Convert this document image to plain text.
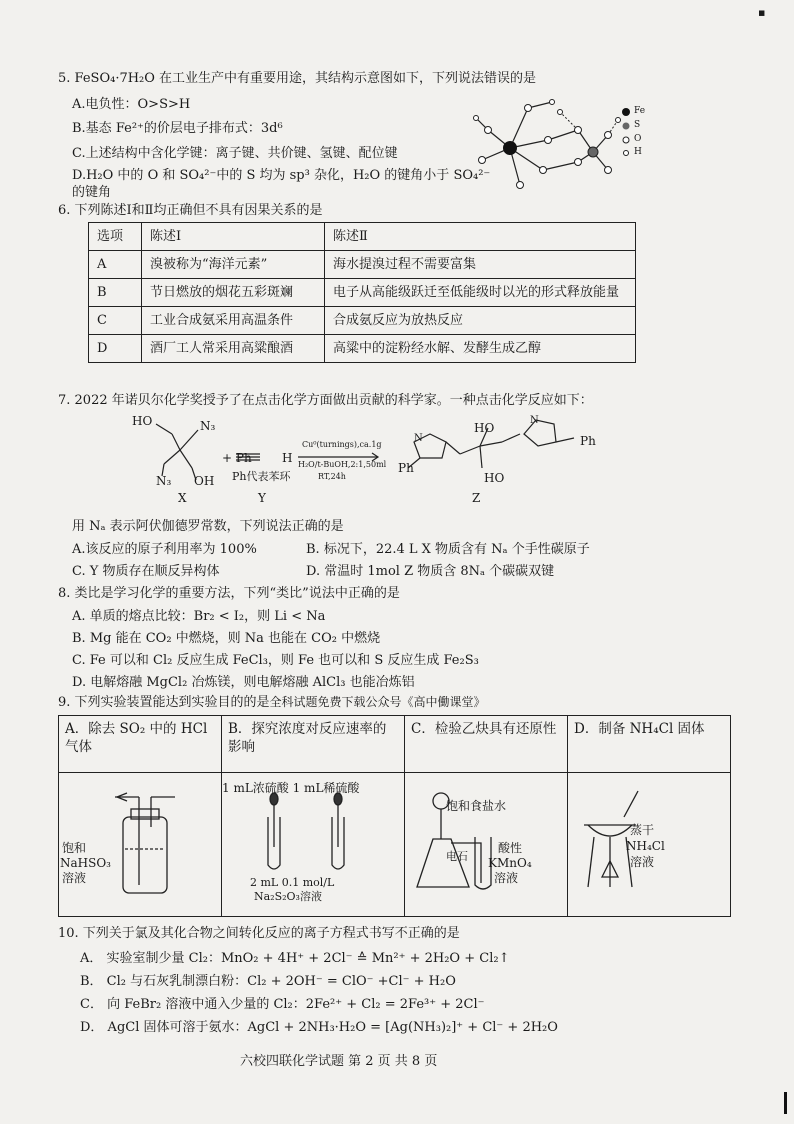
▪
5. FeSO₄·7H₂O 在工业生产中有重要用途，其结构示意图如下，下列说法错误的是
A.电负性：O>S>H
B.基态 Fe²⁺的价层电子排布式：3d⁶
C.上述结构中含化学键：离子键、共价键、氢键、配位键
D.H₂O 中的 O 和 SO₄²⁻中的 S 均为 sp³ 杂化，H₂O 的键角小于 SO₄²⁻
的键角
Fe
S
O
H
6. 下列陈述Ⅰ和Ⅱ均正确但不具有因果关系的是
选项	陈述Ⅰ	陈述Ⅱ
A	溴被称为“海洋元素”	海水提溴过程不需要富集
B	节日燃放的烟花五彩斑斓	电子从高能级跃迁至低能级时以光的形式释放能量
C	工业合成氨采用高温条件	合成氨反应为放热反应
D	酒厂工人常采用高粱酿酒	高粱中的淀粉经水解、发酵生成乙醇
7. 2022 年诺贝尔化学奖授予了在点击化学方面做出贡献的科学家。一种点击化学反应如下：
HO	N₃
N₃ OH
+ Ph	H
Ph代表苯环
Cu⁰(turnings),ca.1g
H₂O/t-BuOH,2:1,50ml
RT,24h
Ph
HO
HO
Ph
N
N
X	Y	Z
用 Nₐ 表示阿伏伽德罗常数，下列说法正确的是
A.该反应的原子利用率为 100%	B. 标况下，22.4 L X 物质含有 Nₐ 个手性碳原子
C. Y 物质存在顺反异构体	D. 常温时 1mol Z 物质含 8Nₐ 个碳碳双键
8. 类比是学习化学的重要方法，下列“类比”说法中正确的是
A. 单质的熔点比较：Br₂ < I₂，则 Li < Na
B. Mg 能在 CO₂ 中燃烧，则 Na 也能在 CO₂ 中燃烧
C. Fe 可以和 Cl₂ 反应生成 FeCl₃，则 Fe 也可以和 S 反应生成 Fe₂S₃
D. 电解熔融 MgCl₂ 冶炼镁，则电解熔融 AlCl₃ 也能冶炼铝
9. 下列实验装置能达到实验目的的是全科试题免费下载公众号《高中働课堂》
A．除去 SO₂ 中的 HCl 气体	B．探究浓度对反应速率的影响	C．检验乙炔具有还原性	D．制备 NH₄Cl 固体

饱和
NaHSO₃
溶液
1 mL浓硫酸 1 mL稀硫酸
2 mL 0.1 mol/L
Na₂S₂O₃溶液
饱和食盐水
电石
酸性
KMnO₄
溶液
蒸干
NH₄Cl
溶液
10. 下列关于氯及其化合物之间转化反应的离子方程式书写不正确的是
A． 实验室制少量 Cl₂：MnO₂ + 4H⁺ + 2Cl⁻ ≙ Mn²⁺ + 2H₂O + Cl₂↑
B． Cl₂ 与石灰乳制漂白粉：Cl₂ + 2OH⁻ = ClO⁻ +Cl⁻ + H₂O
C． 向 FeBr₂ 溶液中通入少量的 Cl₂：2Fe²⁺ + Cl₂ = 2Fe³⁺ + 2Cl⁻
D． AgCl 固体可溶于氨水：AgCl + 2NH₃·H₂O = [Ag(NH₃)₂]⁺ + Cl⁻ + 2H₂O
六校四联化学试题 第 2 页 共 8 页
